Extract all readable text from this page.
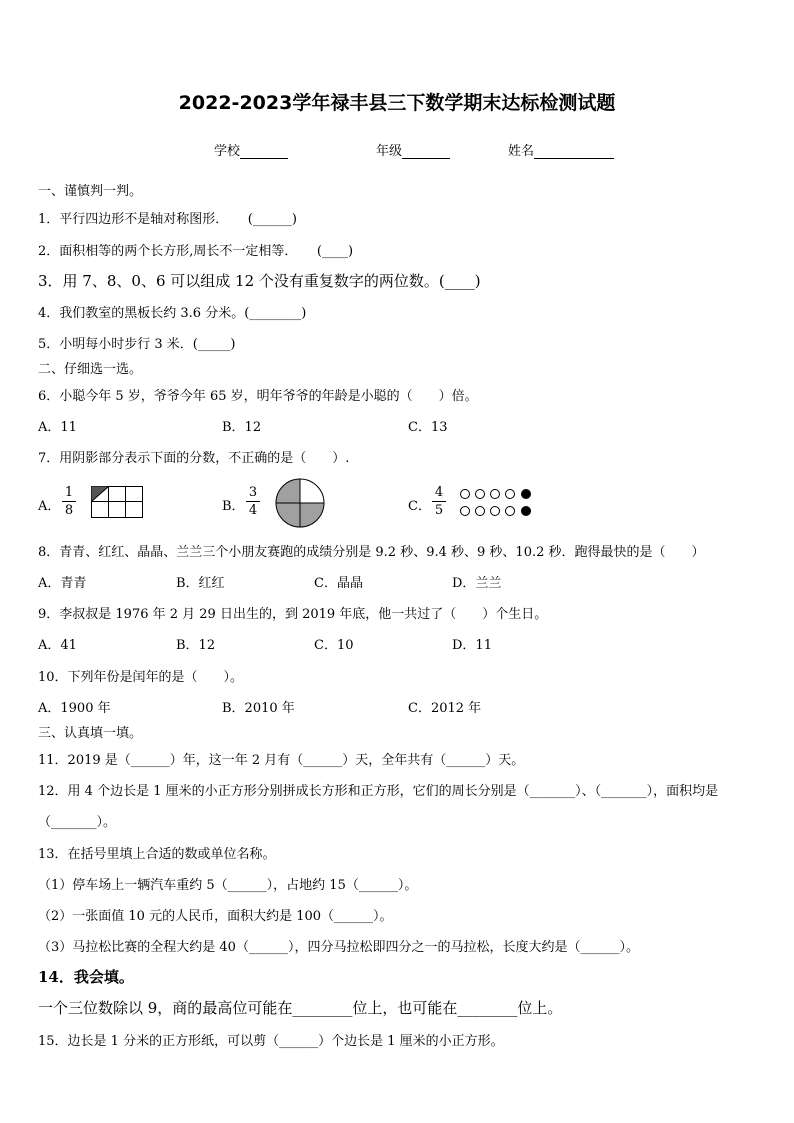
2022-2023学年禄丰县三下数学期末达标检测试题
学校	年级	姓名
一、谨慎判一判。
1．平行四边形不是轴对称图形．　　(______)
2．面积相等的两个长方形,周长不一定相等．　　(____)
3．用 7、8、0、6 可以组成 12 个没有重复数字的两位数。(____)
4．我们教室的黑板长约 3.6 分米。(________)
5．小明每小时步行 3 米．(_____)
二、仔细选一选。
6．小聪今年 5 岁，爷爷今年 65 岁，明年爷爷的年龄是小聪的（　　）倍。
A．11	B．12	C．13
7．用阴影部分表示下面的分数，不正确的是（　　）.
A． $\frac{1}{8}$	B． $\frac{3}{4}$	C． $\frac{4}{5}$
8．青青、红红、晶晶、兰兰三个小朋友赛跑的成绩分别是 9.2 秒、9.4 秒、9 秒、10.2 秒．跑得最快的是（　　）
A．青青	B．红红	C．晶晶	D．兰兰
9．李叔叔是 1976 年 2 月 29 日出生的，到 2019 年底，他一共过了（　　）个生日。
A．41	B．12	C．10	D．11
10．下列年份是闰年的是（　　）。
A．1900 年	B．2010 年	C．2012 年
三、认真填一填。
11．2019 是（______）年，这一年 2 月有（______）天，全年共有（______）天。
12．用 4 个边长是 1 厘米的小正方形分别拼成长方形和正方形，它们的周长分别是（_______）、（_______），面积均是
（_______）。
13．在括号里填上合适的数或单位名称。
（1）停车场上一辆汽车重约 5（______），占地约 15（______）。
（2）一张面值 10 元的人民币，面积大约是 100（______）。
（3）马拉松比赛的全程大约是 40（______），四分马拉松即四分之一的马拉松，长度大约是（______）。
14．我会填。
一个三位数除以 9，商的最高位可能在________位上，也可能在________位上。
15．边长是 1 分米的正方形纸，可以剪（______）个边长是 1 厘米的小正方形。
